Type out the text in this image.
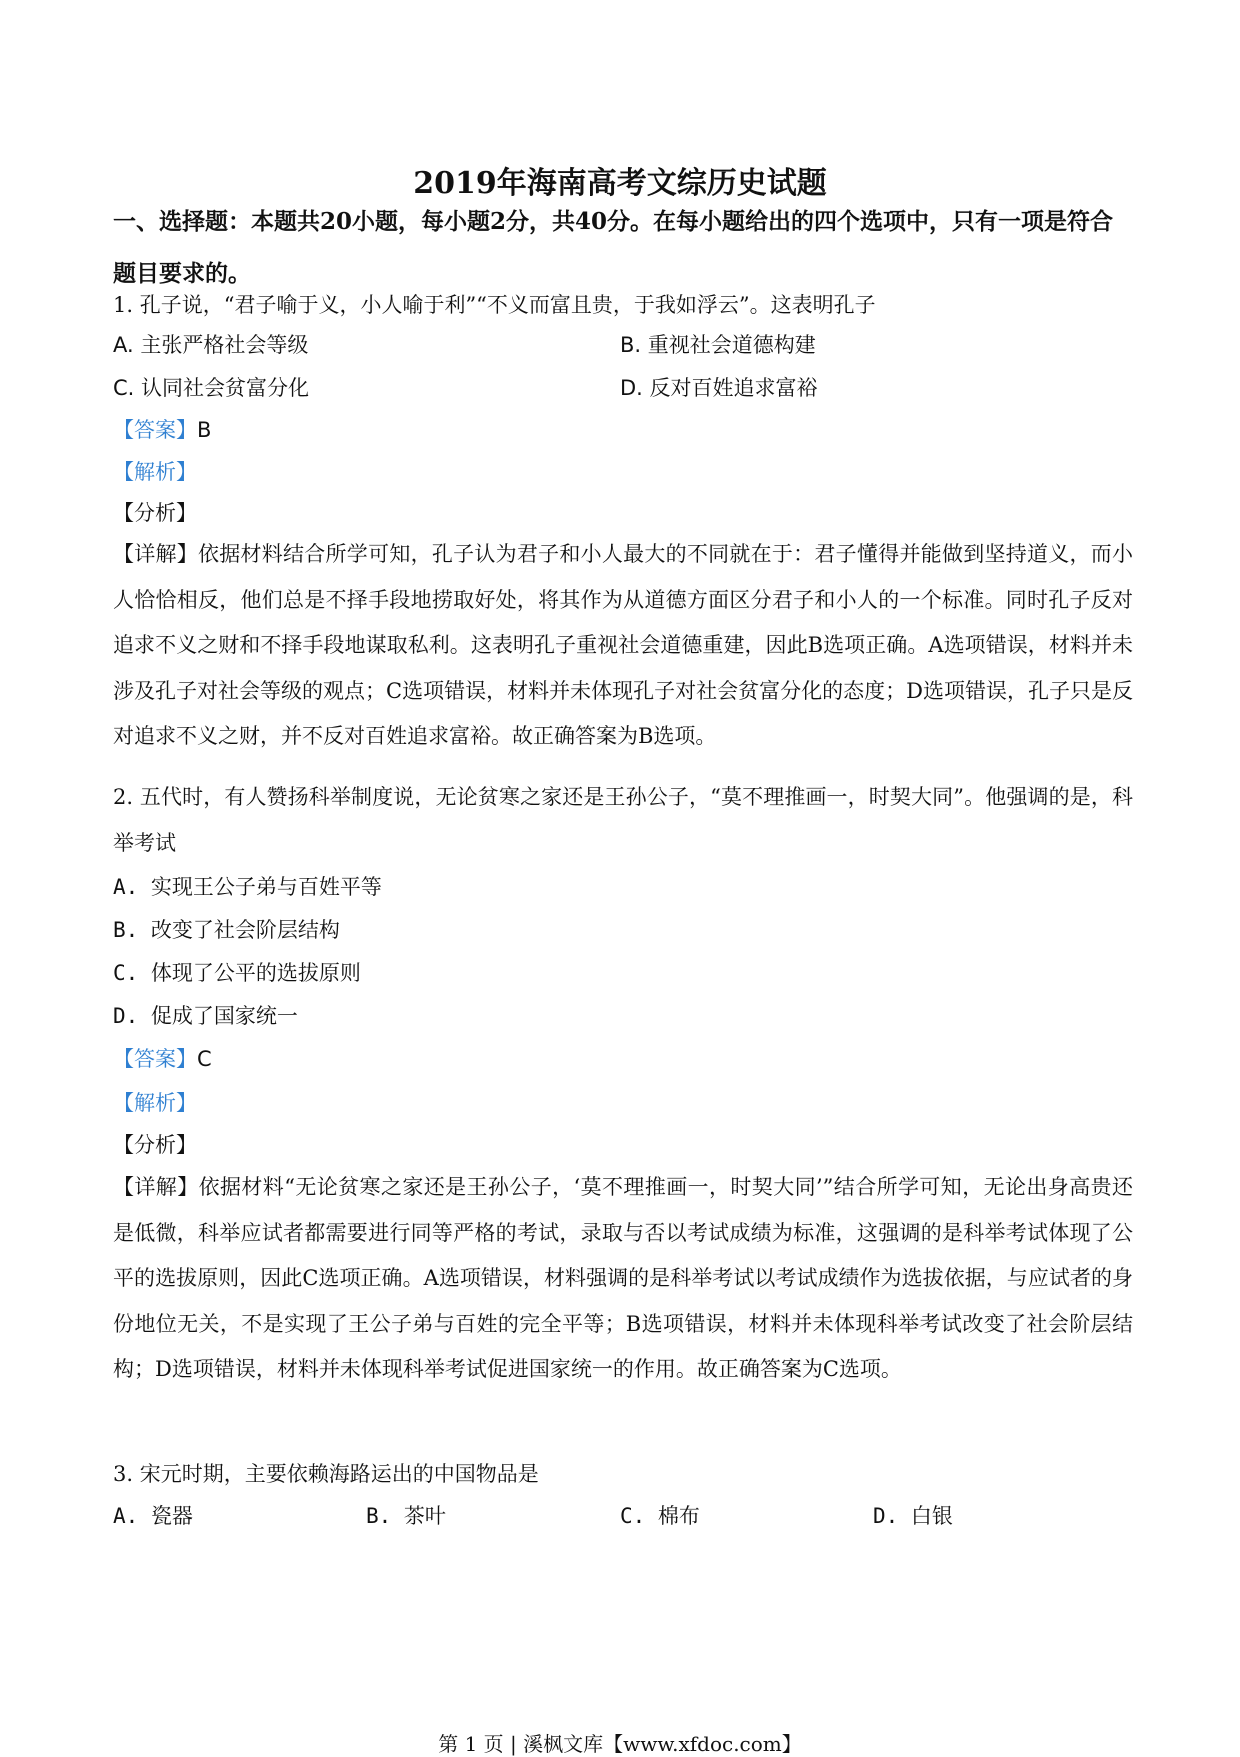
2019年海南高考文综历史试题
一、选择题：本题共20小题，每小题2分，共40分。在每小题给出的四个选项中，只有一项是符合题目要求的。
1. 孔子说，“君子喻于义，小人喻于利”“不义而富且贵，于我如浮云”。这表明孔子
A. 主张严格社会等级	B. 重视社会道德构建
C. 认同社会贫富分化	D. 反对百姓追求富裕
【答案】B
【解析】
【分析】
【详解】依据材料结合所学可知，孔子认为君子和小人最大的不同就在于：君子懂得并能做到坚持道义，而小人恰恰相反，他们总是不择手段地捞取好处，将其作为从道德方面区分君子和小人的一个标准。同时孔子反对追求不义之财和不择手段地谋取私利。这表明孔子重视社会道德重建，因此B选项正确。A选项错误，材料并未涉及孔子对社会等级的观点；C选项错误，材料并未体现孔子对社会贫富分化的态度；D选项错误，孔子只是反对追求不义之财，并不反对百姓追求富裕。故正确答案为B选项。
2. 五代时，有人赞扬科举制度说，无论贫寒之家还是王孙公子，“莫不理推画一，时契大同”。他强调的是，科举考试
A. 实现王公子弟与百姓平等
B. 改变了社会阶层结构
C. 体现了公平的选拔原则
D. 促成了国家统一
【答案】C
【解析】
【分析】
【详解】依据材料“无论贫寒之家还是王孙公子，‘莫不理推画一，时契大同’”结合所学可知，无论出身高贵还是低微，科举应试者都需要进行同等严格的考试，录取与否以考试成绩为标准，这强调的是科举考试体现了公平的选拔原则，因此C选项正确。A选项错误，材料强调的是科举考试以考试成绩作为选拔依据，与应试者的身份地位无关，不是实现了王公子弟与百姓的完全平等；B选项错误，材料并未体现科举考试改变了社会阶层结构；D选项错误，材料并未体现科举考试促进国家统一的作用。故正确答案为C选项。
3. 宋元时期，主要依赖海路运出的中国物品是
A. 瓷器	B. 茶叶	C. 棉布	D. 白银
第 1 页 | 溪枫文库【www.xfdoc.com】
